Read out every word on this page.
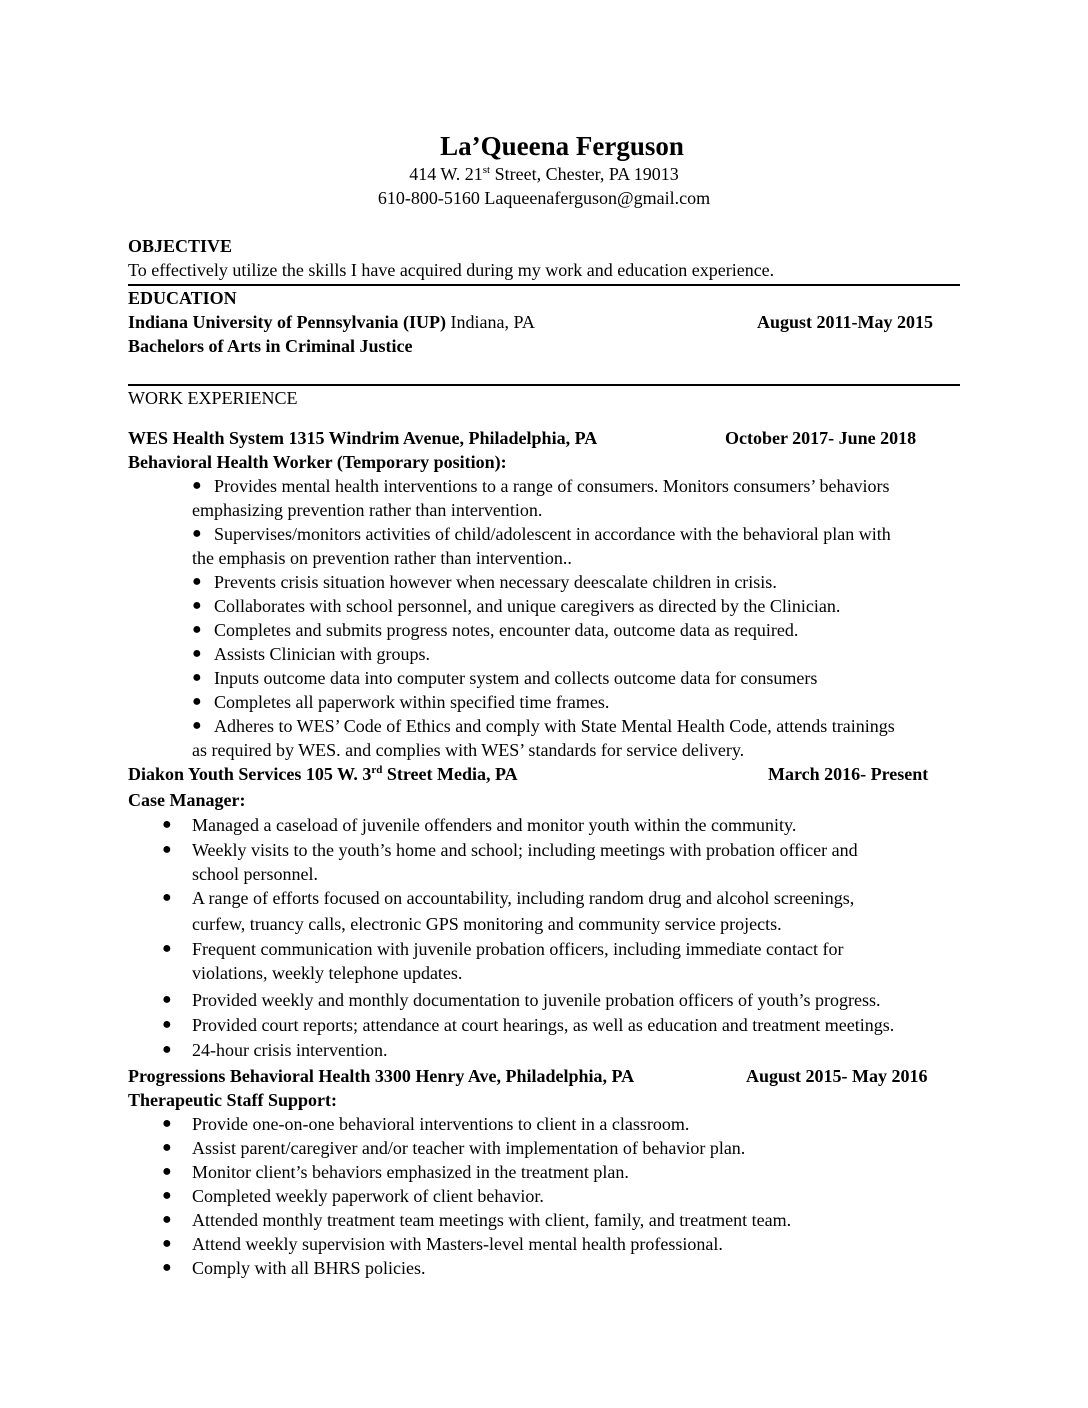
La’Queena Ferguson
414 W. 21st Street, Chester, PA 19013
610-800-5160 Laqueenaferguson@gmail.com
OBJECTIVE
To effectively utilize the skills I have acquired during my work and education experience.
EDUCATION
Indiana University of Pennsylvania (IUP) Indiana, PA	August 2011-May 2015
Bachelors of Arts in Criminal Justice
WORK EXPERIENCE
WES Health System 1315 Windrim Avenue, Philadelphia, PA	October 2017- June 2018
Behavioral Health Worker (Temporary position):
● Provides mental health interventions to a range of consumers. Monitors consumers’ behaviors
emphasizing prevention rather than intervention.
● Supervises/monitors activities of child/adolescent in accordance with the behavioral plan with
the emphasis on prevention rather than intervention..
● Prevents crisis situation however when necessary deescalate children in crisis.
● Collaborates with school personnel, and unique caregivers as directed by the Clinician.
● Completes and submits progress notes, encounter data, outcome data as required.
● Assists Clinician with groups.
● Inputs outcome data into computer system and collects outcome data for consumers
● Completes all paperwork within specified time frames.
● Adheres to WES’ Code of Ethics and comply with State Mental Health Code, attends trainings
as required by WES. and complies with WES’ standards for service delivery.
Diakon Youth Services 105 W. 3rd Street Media, PA	March 2016- Present
Case Manager:
● Managed a caseload of juvenile offenders and monitor youth within the community.
● Weekly visits to the youth’s home and school; including meetings with probation officer and
school personnel.
● A range of efforts focused on accountability, including random drug and alcohol screenings,
curfew, truancy calls, electronic GPS monitoring and community service projects.
● Frequent communication with juvenile probation officers, including immediate contact for
violations, weekly telephone updates.
● Provided weekly and monthly documentation to juvenile probation officers of youth’s progress.
● Provided court reports; attendance at court hearings, as well as education and treatment meetings.
● 24-hour crisis intervention.
Progressions Behavioral Health 3300 Henry Ave, Philadelphia, PA	August 2015- May 2016
Therapeutic Staff Support:
● Provide one-on-one behavioral interventions to client in a classroom.
● Assist parent/caregiver and/or teacher with implementation of behavior plan.
● Monitor client’s behaviors emphasized in the treatment plan.
● Completed weekly paperwork of client behavior.
● Attended monthly treatment team meetings with client, family, and treatment team.
● Attend weekly supervision with Masters-level mental health professional.
● Comply with all BHRS policies.
